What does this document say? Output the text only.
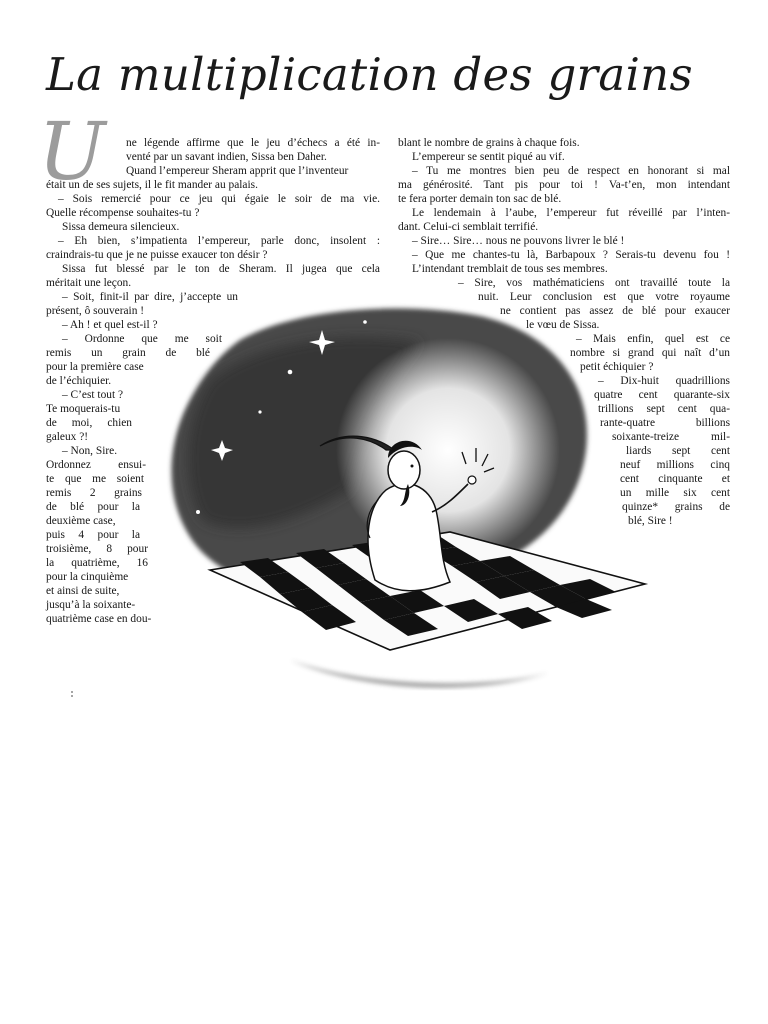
La multiplication des grains
U	ne légende affirme que le jeu d’échecs a été in-

venté par un savant indien, Sissa ben Daher.

Quand l’empereur Sheram apprit que l’inventeur

était un de ses sujets, il le fit mander au palais.

– Sois remercié pour ce jeu qui égaie le soir de ma vie.

Quelle récompense souhaites-tu ?

Sissa demeura silencieux.

– Eh bien, s’impatienta l’empereur, parle donc, insolent :

craindrais-tu que je ne puisse exaucer ton désir ?

Sissa fut blessé par le ton de Sheram. Il jugea que cela

méritait une leçon.

– Soit, finit-il par dire, j’accepte un

présent, ô souverain !

– Ah ! et quel est-il ?

– Ordonne que me soit

remis un grain de blé

pour la première case

de l’échiquier.

– C’est tout ?

Te moquerais-tu

de moi, chien

galeux ?!

– Non, Sire.

Ordonnez ensui-

te que me soient

remis 2 grains

de blé pour la

deuxième case,

puis 4 pour la

troisième, 8 pour

la quatrième, 16

pour la cinquième

et ainsi de suite,

jusqu’à la soixante-

quatrième case en dou-

blant le nombre de grains à chaque fois.

L’empereur se sentit piqué au vif.

– Tu me montres bien peu de respect en honorant si mal

ma générosité. Tant pis pour toi ! Va-t’en, mon intendant

te fera porter demain ton sac de blé.

Le lendemain à l’aube, l’empereur fut réveillé par l’inten-

dant. Celui-ci semblait terrifié.

– Sire… Sire… nous ne pouvons livrer le blé !

– Que me chantes-tu là, Barbapoux ? Serais-tu devenu fou !

L’intendant tremblait de tous ses membres.

– Sire, vos mathématiciens ont travaillé toute la

nuit. Leur conclusion est que votre royaume

ne contient pas assez de blé pour exaucer

le vœu de Sissa.

– Mais enfin, quel est ce

nombre si grand qui naît d’un

petit échiquier ?

– Dix-huit quadrillions

quatre cent quarante-six

trillions sept cent qua-

rante-quatre billions

soixante-treize mil-

liards sept cent

neuf millions cinq

cent cinquante et

un mille six cent

quinze* grains de

blé, Sire !
